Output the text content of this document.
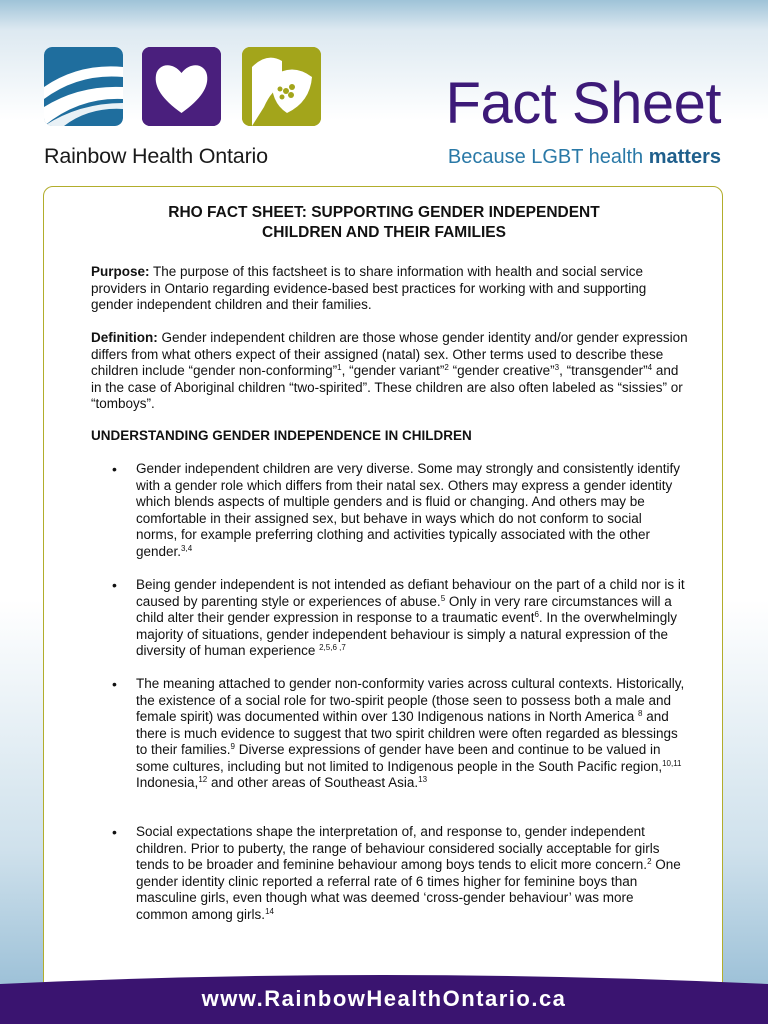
Rainbow Health Ontario
Fact Sheet
Because LGBT health matters
RHO FACT SHEET: SUPPORTING GENDER INDEPENDENT
CHILDREN AND THEIR FAMILIES

Purpose: The purpose of this factsheet is to share information with health and social service providers in Ontario regarding evidence-based best practices for working with and supporting gender independent children and their families.

Definition: Gender independent children are those whose gender identity and/or gender expression differs from what others expect of their assigned (natal) sex. Other terms used to describe these children include “gender non-conforming”$^1$, “gender variant”$^2$ “gender creative”$^3$, “transgender”$^4$ and in the case of Aboriginal children “two-spirited”. These children are also often labeled as “sissies” or “tomboys”.

UNDERSTANDING GENDER INDEPENDENCE IN CHILDREN
• Gender independent children are very diverse. Some may strongly and consistently identify with a gender role which differs from their natal sex. Others may express a gender identity which blends aspects of multiple genders and is fluid or changing. And others may be comfortable in their assigned sex, but behave in ways which do not conform to social norms, for example preferring clothing and activities typically associated with the other gender.$^{3,4}$

• Being gender independent is not intended as defiant behaviour on the part of a child nor is it caused by parenting style or experiences of abuse.$^5$ Only in very rare circumstances will a child alter their gender expression in response to a traumatic event$^6$. In the overwhelmingly majority of situations, gender independent behaviour is simply a natural expression of the diversity of human experience $^{2,5,6 ,7}$

• The meaning attached to gender non-conformity varies across cultural contexts. Historically, the existence of a social role for two-spirit people (those seen to possess both a male and female spirit) was documented within over 130 Indigenous nations in North America $^8$ and there is much evidence to suggest that two spirit children were often regarded as blessings to their families.$^9$ Diverse expressions of gender have been and continue to be valued in some cultures, including but not limited to Indigenous people in the South Pacific region,$^{10,11}$ Indonesia,$^{12}$ and other areas of Southeast Asia.$^{13}$

• Social expectations shape the interpretation of, and response to, gender independent children. Prior to puberty, the range of behaviour considered socially acceptable for girls tends to be broader and feminine behaviour among boys tends to elicit more concern.$^2$ One gender identity clinic reported a referral rate of 6 times higher for feminine boys than masculine girls, even though what was deemed ‘cross-gender behaviour’ was more common among girls.$^{14}$

www.RainbowHealthOntario.ca
